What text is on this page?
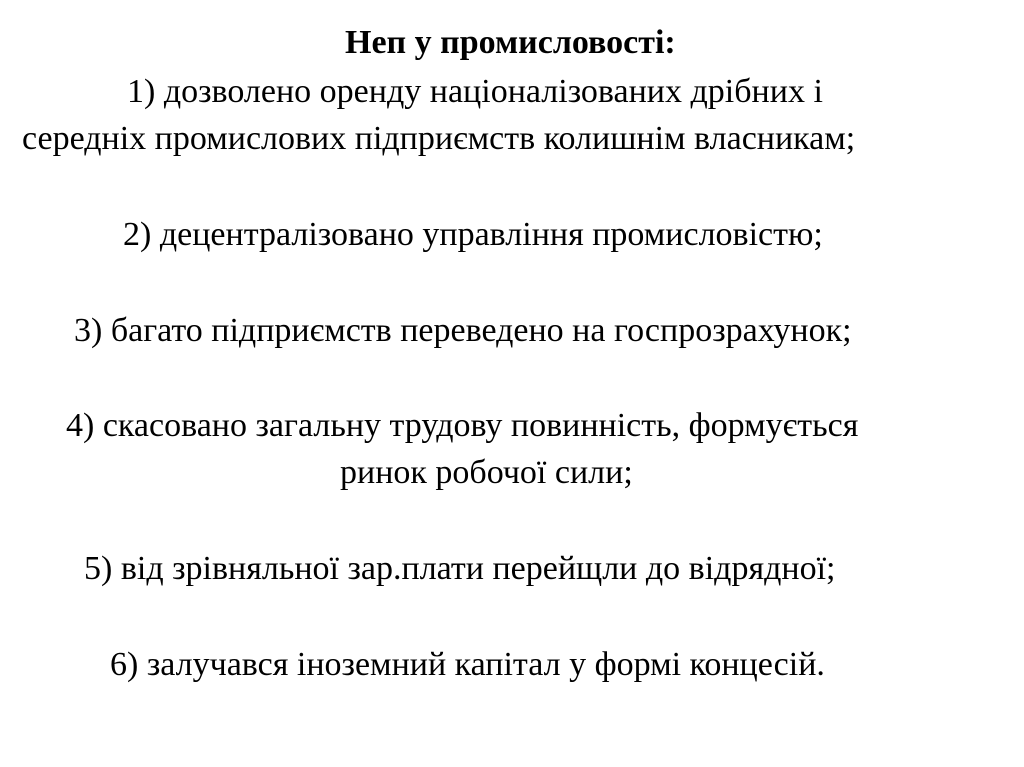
Неп у промисловості:
1) дозволено оренду націоналізованих дрібних і
середніх промислових підприємств колишнім власникам;
2) децентралізовано управління промисловістю;
3) багато підприємств переведено на госпрозрахунок;
4) скасовано загальну трудову повинність, формується
ринок робочої сили;
5) від зрівняльної зар.плати перейщли до відрядної;
6) залучався іноземний капітал у формі концесій.
